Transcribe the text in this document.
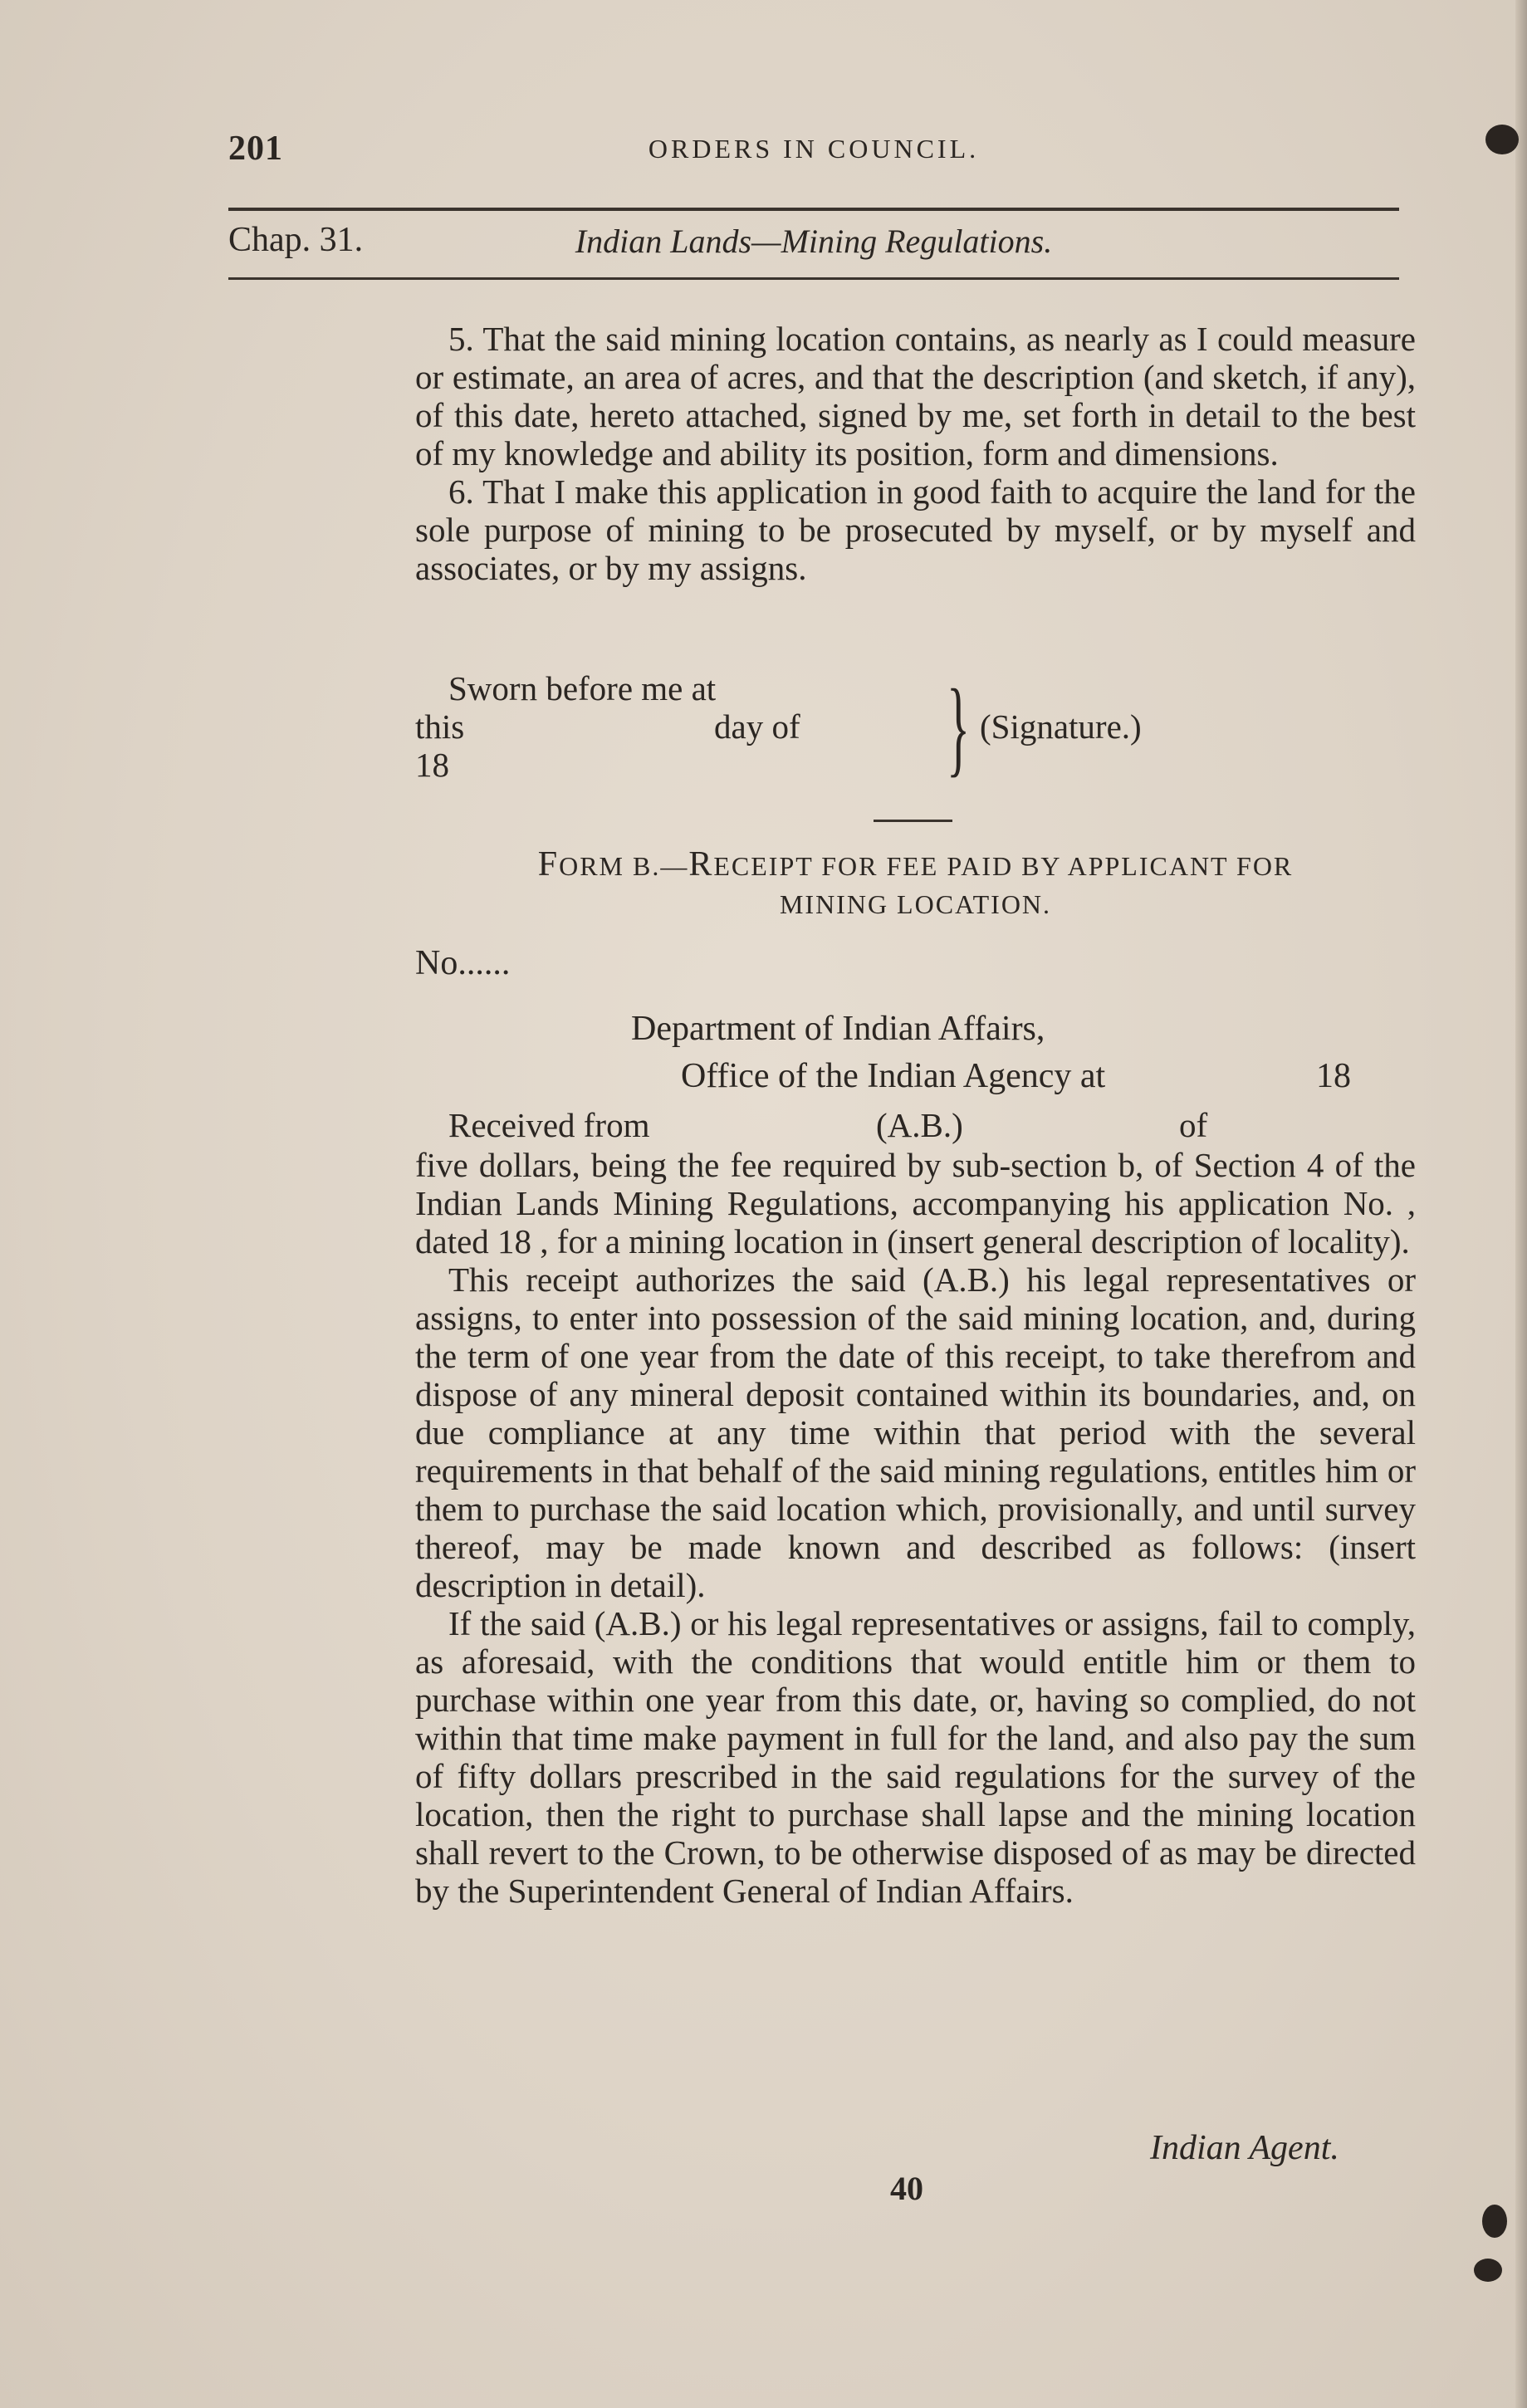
201	ORDERS IN COUNCIL.
Chap. 31.	Indian Lands—Mining Regulations.

5. That the said mining location contains, as nearly as I could measure or estimate, an area of acres, and that the description (and sketch, if any), of this date, hereto attached, signed by me, set forth in detail to the best of my knowledge and ability its position, form and dimensions.

6. That I make this application in good faith to acquire the land for the sole purpose of mining to be prosecuted by myself, or by myself and associates, or by my assigns.

Sworn before me at
this	day of
18	} (Signature.)
FORM B.—RECEIPT FOR FEE PAID BY APPLICANT FOR
MINING LOCATION.
No......
Department of Indian Affairs,
Office of the Indian Agency at	18
Received from	(A.B.)	of

five dollars, being the fee required by sub-section b, of Section 4 of the Indian Lands Mining Regulations, accompanying his application No. , dated 18 , for a mining location in (insert general description of locality).

This receipt authorizes the said (A.B.) his legal representatives or assigns, to enter into possession of the said mining location, and, during the term of one year from the date of this receipt, to take therefrom and dispose of any mineral deposit contained within its boundaries, and, on due compliance at any time within that period with the several requirements in that behalf of the said mining regulations, entitles him or them to purchase the said location which, provisionally, and until survey thereof, may be made known and described as follows: (insert description in detail).

If the said (A.B.) or his legal representatives or assigns, fail to comply, as aforesaid, with the conditions that would entitle him or them to purchase within one year from this date, or, having so complied, do not within that time make payment in full for the land, and also pay the sum of fifty dollars prescribed in the said regulations for the survey of the location, then the right to purchase shall lapse and the mining location shall revert to the Crown, to be otherwise disposed of as may be directed by the Superintendent General of Indian Affairs.

Indian Agent.
40
